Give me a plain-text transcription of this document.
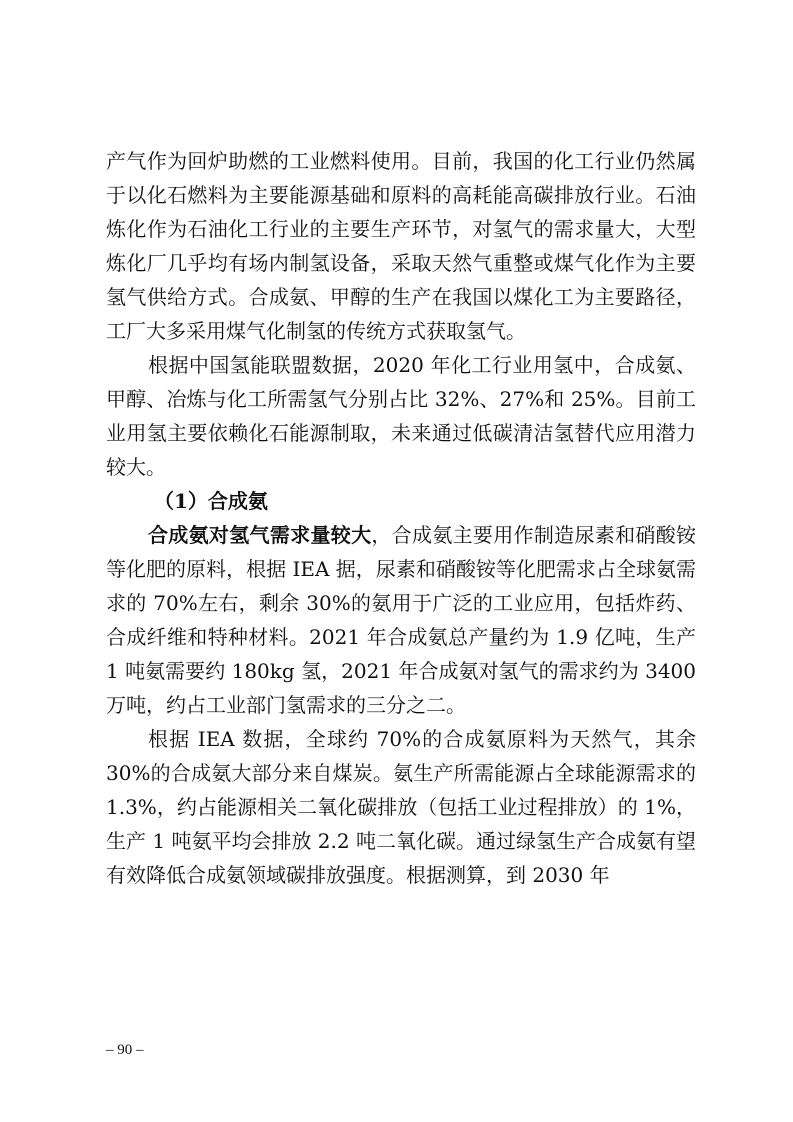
产气作为回炉助燃的工业燃料使用。目前，我国的化工行业仍然属于以化石燃料为主要能源基础和原料的高耗能高碳排放行业。石油炼化作为石油化工行业的主要生产环节，对氢气的需求量大，大型炼化厂几乎均有场内制氢设备，采取天然气重整或煤气化作为主要氢气供给方式。合成氨、甲醇的生产在我国以煤化工为主要路径，工厂大多采用煤气化制氢的传统方式获取氢气。

根据中国氢能联盟数据，2020 年化工行业用氢中，合成氨、甲醇、冶炼与化工所需氢气分别占比 32%、27%和 25%。目前工业用氢主要依赖化石能源制取，未来通过低碳清洁氢替代应用潜力较大。

（1）合成氨

合成氨对氢气需求量较大，合成氨主要用作制造尿素和硝酸铵等化肥的原料，根据 IEA 据，尿素和硝酸铵等化肥需求占全球氨需求的 70%左右，剩余 30%的氨用于广泛的工业应用，包括炸药、合成纤维和特种材料。2021 年合成氨总产量约为 1.9 亿吨，生产 1 吨氨需要约 180kg 氢，2021 年合成氨对氢气的需求约为 3400 万吨，约占工业部门氢需求的三分之二。

根据 IEA 数据，全球约 70%的合成氨原料为天然气，其余 30%的合成氨大部分来自煤炭。氨生产所需能源占全球能源需求的 1.3%，约占能源相关二氧化碳排放（包括工业过程排放）的 1%，生产 1 吨氨平均会排放 2.2 吨二氧化碳。通过绿氢生产合成氨有望有效降低合成氨领域碳排放强度。根据测算，到 2030 年

– 90 –
